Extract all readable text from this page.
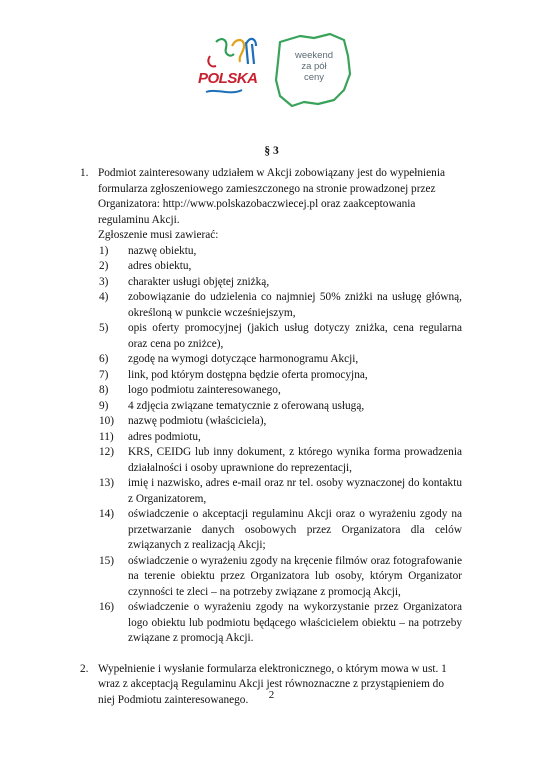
POLSKA
weekend
za pół
ceny
§ 3
1. Podmiot zainteresowany udziałem w Akcji zobowiązany jest do wypełnienia formularza zgłoszeniowego zamieszczonego na stronie prowadzonej przez Organizatora: http://www.polskazobaczwiecej.pl oraz zaakceptowania regulaminu Akcji.

Zgłoszenie musi zawierać:

1) nazwę obiektu,
2) adres obiektu,
3) charakter usługi objętej zniżką,
4) zobowiązanie do udzielenia co najmniej 50% zniżki na usługę główną, określoną w punkcie wcześniejszym,
5) opis oferty promocyjnej (jakich usług dotyczy zniżka, cena regularna oraz cena po zniżce),
6) zgodę na wymogi dotyczące harmonogramu Akcji,
7) link, pod którym dostępna będzie oferta promocyjna,
8) logo podmiotu zainteresowanego,
9) 4 zdjęcia związane tematycznie z oferowaną usługą,
10) nazwę podmiotu (właściciela),
11) adres podmiotu,
12) KRS, CEIDG lub inny dokument, z którego wynika forma prowadzenia działalności i osoby uprawnione do reprezentacji,
13) imię i nazwisko, adres e-mail oraz nr tel. osoby wyznaczonej do kontaktu z Organizatorem,
14) oświadczenie o akceptacji regulaminu Akcji oraz o wyrażeniu zgody na przetwarzanie danych osobowych przez Organizatora dla celów związanych z realizacją Akcji;
15) oświadczenie o wyrażeniu zgody na kręcenie filmów oraz fotografowanie na terenie obiektu przez Organizatora lub osoby, którym Organizator czynności te zleci – na potrzeby związane z promocją Akcji,
16) oświadczenie o wyrażeniu zgody na wykorzystanie przez Organizatora logo obiektu lub podmiotu będącego właścicielem obiektu – na potrzeby związane z promocją Akcji.
2. Wypełnienie i wysłanie formularza elektronicznego, o którym mowa w ust. 1 wraz z akceptacją Regulaminu Akcji jest równoznaczne z przystąpieniem do niej Podmiotu zainteresowanego.	2
